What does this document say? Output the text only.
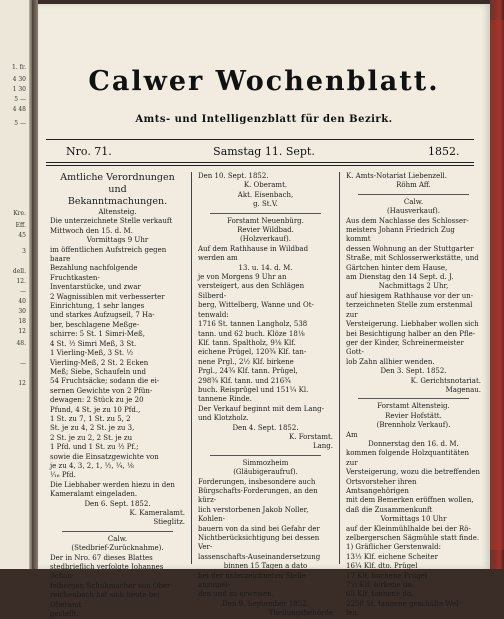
1. fr.
4 30
1 30
5 —
4 48
5 —
Kre.
Eff.
45
3
dell.
12.
—
40
30
18
12
48.
—
12
Calwer Wochenblatt.
Amts- und Intelligenzblatt für den Bezirk.
Nro. 71.	Samstag 11. Sept.	1852.

Amtliche Verordnungen und

Bekanntmachungen.

Altensteig.

Die unterzeichnete Stelle verkauft

Mittwoch den 15. d. M.

Vormittags 9 Uhr

im öffentlichen Aufstreich gegen baare

Bezahlung nachfolgende Fruchtkasten-

Inventarstücke, und zwar

2 Wagnissiblen mit verbesserter

Einrichtung, 1 sehr langes

und starkes Aufzugseil, 7 Ha-

ber, beschlagene Meßge-

schirre: 5 St. 1 Simri-Meß,

4 St. ½ Simri Meß, 3 St.

1 Vierling-Meß, 3 St. ½

Vierling-Meß, 2 St. 2 Ecken

Meß; Siebe, Schaufeln und

54 Fruchtsäcke; sodann die ei-

sernen Gewichte von 2 Pfün-

dewagen: 2 Stück zu je 20

Pfund, 4 St. je zu 10 Pfd.,

1 St. zu 7, 1 St. zu 5, 2

St. je zu 4, 2 St. je zu 3,

2 St. je zu 2, 2 St. je zu

1 Pfd. und 1 St. zu ½ Pf.;

sowie die Einsatzgewichte von

je zu 4, 3, 2, 1, ½, ¼, ⅛

¹⁄₁₆ Pfd.

Die Liebhaber werden hiezu in den

Kameralamt eingeladen.

Den 6. Sept. 1852.

K. Kameralamt.

Stieglitz.

Calw.

(Stedbrief-Zurücknahme).

Der in Nro. 67 dieses Blattes

stedbrieflich verfolgte Johannes Schau-

felberger, Schuhmacher von Ober-

reichenbach hat sich heute bei Oberamt

gestellt.

Den 10. Sept. 1852.

K. Oberamt.

Akt. Eisenbach,

g. St.V.

Forstamt Neuenbürg.

Revier Wildbad.

(Holzverkauf).

Auf dem Rathhause in Wildbad

werden am

13. u. 14. d. M.

je von Morgens 9 Uhr an

versteigert, aus den Schlägen Silberd-

berg, Wittelberg, Wanne und Ot-

tenwald:

1716 St. tannen Langholz, 538

tann. und 62 buch. Klöze 18⅛

Klf. tann. Spaltholz, 9⅛ Klf.

eichene Prügel, 120¾ Klf. tan-

nene Prgl., 2½ Klf. birkene

Prgl., 24¾ Klf. tann. Prügel,

298¾ Klf. tann. und 216¾

buch. Reisprügel und 151¼ Kl.

tannene Rinde.

Der Verkauf beginnt mit dem Lang-

und Klotzholz.

Den 4. Sept. 1852.

K. Forstamt.

Lang.

Simmozheim

(Gläubigeraufruf).

Forderungen, insbesondere auch

Bürgschafts-Forderungen, an den kürz-

lich verstorbenen Jakob Noller, Kohlen-

bauern von da sind bei Gefahr der

Nichtberücksichtigung bei dessen Ver-

lassenschafts-Auseinandersetzung

binnen 15 Tagen a dato

bei der unterzeichneten Stelle anzumel-

den und zu erweisen.

Den 9. September 1852.

Theilungsbehörde

K. Amts-Notariat Liebenzell.

Röhm Aff.

Calw.

(Hausverkauf).

Aus dem Nachlasse des Schlosser-

meisters Johann Friedrich Zug kommt

dessen Wohnung an der Stuttgarter

Straße, mit Schlosserwerkstätte, und

Gärtchen hinter dem Hause,

am Dienstag den 14 Sept. d. J.

Nachmittags 2 Uhr,

auf hiesigem Rathhause vor der un-

terzeichneten Stelle zum erstenmal zur

Versteigerung. Liebhaber wollen sich

bei Besichtigung halber an den Pfle-

ger der Kinder, Schreinermeister Gott-

lob Zahn allhier wenden.

Den 3. Sept. 1852.

K. Gerichtsnotariat.

Magenau.

Forstamt Altensteig.

Revier Hofstätt.

(Brennholz Verkauf).

Am

Donnerstag den 16. d. M.

kommen folgende Holzquantitäten zur

Versteigerung, wozu die betreffenden

Ortsvorsteher ihren Amtsangehörigen

mit dem Bemerken eröffnen wollen,

daß die Zusammenkunft

Vormittags 10 Uhr

auf der Kleinmühlhalde bei der Rö-

zelbergerschen Sägmühle statt finde.

1) Gräflicher Gerstenwald:

13⅓ Klf. eichene Scheiter

16¼ Klf. dto. Prügel

17 Klf. buchene Prügel

7⅓ Klf. birkene do.

65 Klf. tannene do.

2250 St. tannene geschälte Wel-

len.
